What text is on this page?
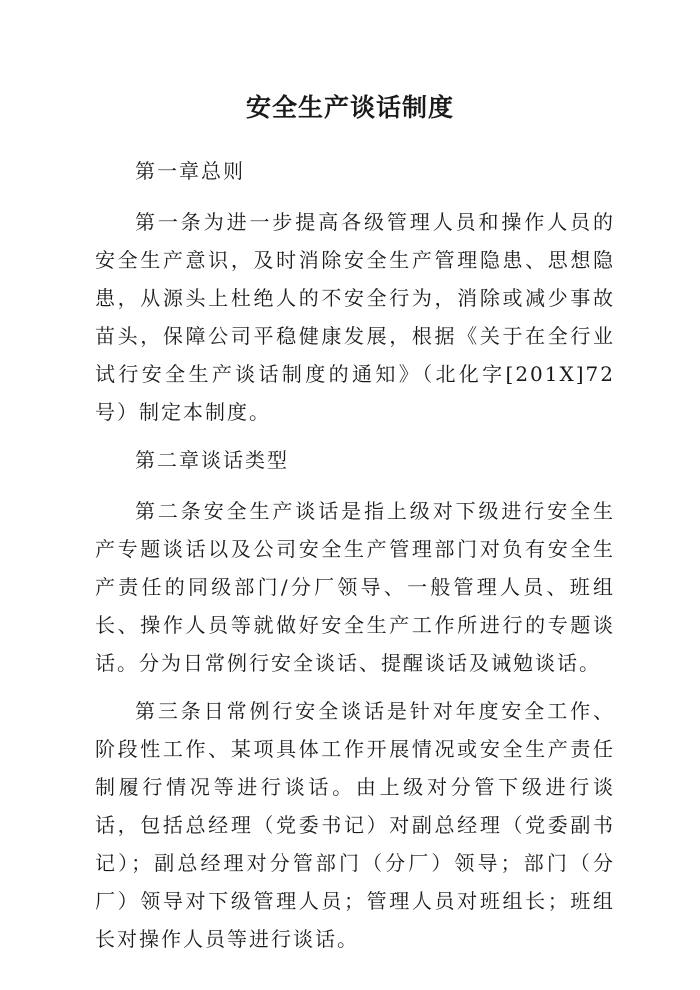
安全生产谈话制度

第一章总则

第一条为进一步提高各级管理人员和操作人员的安全生产意识，及时消除安全生产管理隐患、思想隐患，从源头上杜绝人的不安全行为，消除或减少事故苗头，保障公司平稳健康发展，根据《关于在全行业试行安全生产谈话制度的通知》（北化字[201X]72号）制定本制度。

第二章谈话类型

第二条安全生产谈话是指上级对下级进行安全生产专题谈话以及公司安全生产管理部门对负有安全生产责任的同级部门/分厂领导、一般管理人员、班组长、操作人员等就做好安全生产工作所进行的专题谈话。分为日常例行安全谈话、提醒谈话及诫勉谈话。

第三条日常例行安全谈话是针对年度安全工作、阶段性工作、某项具体工作开展情况或安全生产责任制履行情况等进行谈话。由上级对分管下级进行谈话，包括总经理（党委书记）对副总经理（党委副书记）；副总经理对分管部门（分厂）领导；部门（分厂）领导对下级管理人员；管理人员对班组长；班组长对操作人员等进行谈话。
